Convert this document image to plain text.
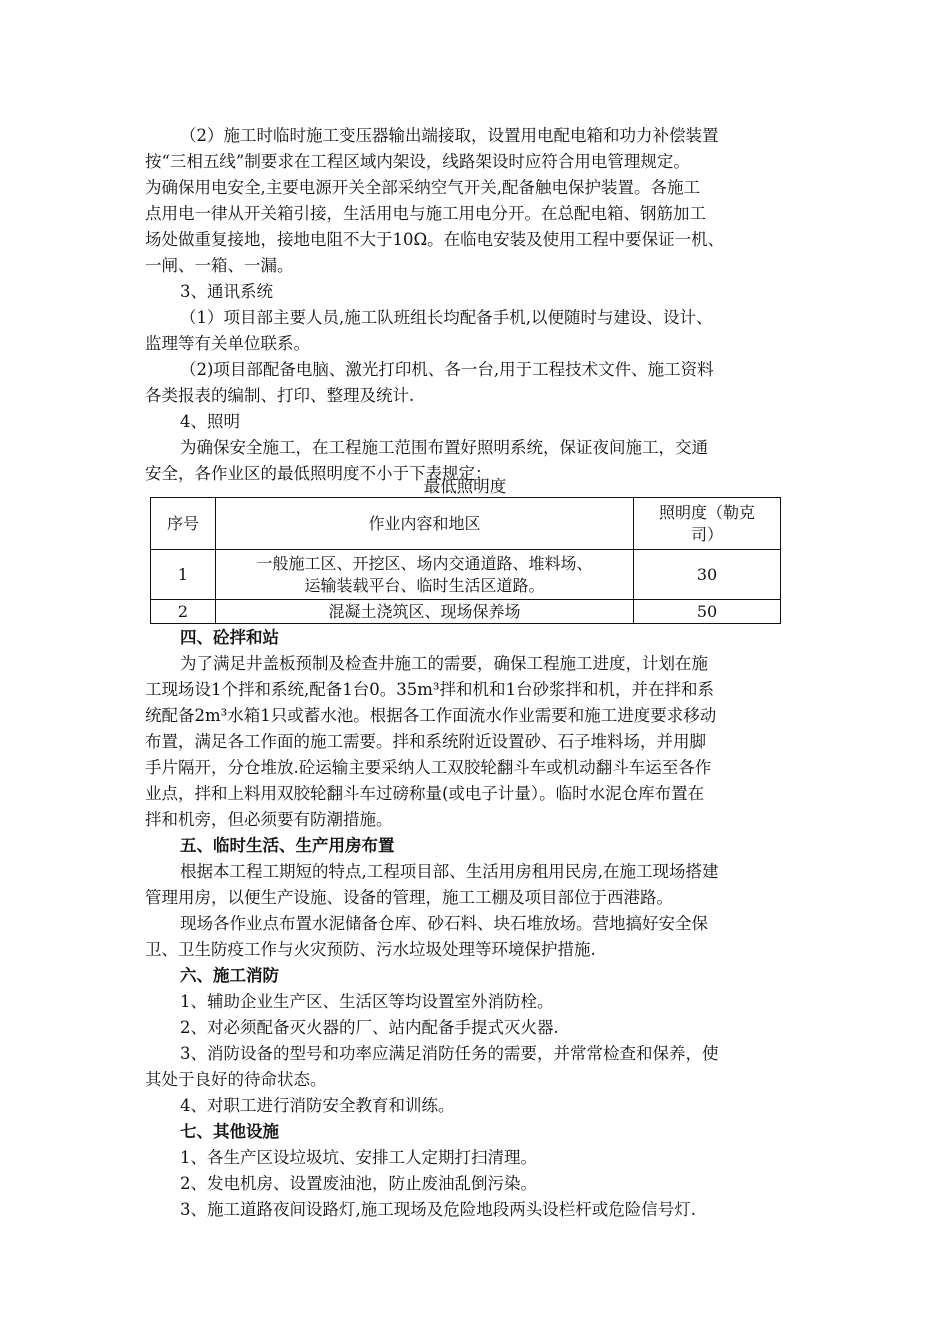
（2）施工时临时施工变压器输出端接取，设置用电配电箱和功力补偿装置
按“三相五线”制要求在工程区域内架设，线路架设时应符合用电管理规定。
为确保用电安全,主要电源开关全部采纳空气开关,配备触电保护装置。各施工
点用电一律从开关箱引接，生活用电与施工用电分开。在总配电箱、钢筋加工
场处做重复接地，接地电阻不大于10Ω。在临电安装及使用工程中要保证一机、
一闸、一箱、一漏。
3、通讯系统
（1）项目部主要人员,施工队班组长均配备手机,以便随时与建设、设计、
监理等有关单位联系。
（2)项目部配备电脑、激光打印机、各一台,用于工程技术文件、施工资料
各类报表的编制、打印、整理及统计.
4、照明
为确保安全施工，在工程施工范围布置好照明系统，保证夜间施工，交通
安全，各作业区的最低照明度不小于下表规定：
最低照明度
序号	作业内容和地区	照明度（勒克
司）

1	一般施工区、开挖区、场内交通道路、堆料场、
运输装载平台、临时生活区道路。	30
2	混凝土浇筑区、现场保养场	50
四、砼拌和站
为了满足井盖板预制及检查井施工的需要，确保工程施工进度，计划在施
工现场设1个拌和系统,配备1台0。35m³拌和机和1台砂浆拌和机，并在拌和系
统配备2m³水箱1只或蓄水池。根据各工作面流水作业需要和施工进度要求移动
布置，满足各工作面的施工需要。拌和系统附近设置砂、石子堆料场，并用脚
手片隔开，分仓堆放.砼运输主要采纳人工双胶轮翻斗车或机动翻斗车运至各作
业点，拌和上料用双胶轮翻斗车过磅称量(或电子计量）。临时水泥仓库布置在
拌和机旁，但必须要有防潮措施。
五、临时生活、生产用房布置
根据本工程工期短的特点,工程项目部、生活用房租用民房,在施工现场搭建
管理用房，以便生产设施、设备的管理，施工工棚及项目部位于西港路。
现场各作业点布置水泥储备仓库、砂石料、块石堆放场。营地搞好安全保
卫、卫生防疫工作与火灾预防、污水垃圾处理等环境保护措施.
六、施工消防
1、辅助企业生产区、生活区等均设置室外消防栓。
2、对必须配备灭火器的厂、站内配备手提式灭火器.
3、消防设备的型号和功率应满足消防任务的需要，并常常检查和保养，使
其处于良好的待命状态。
4、对职工进行消防安全教育和训练。
七、其他设施
1、各生产区设垃圾坑、安排工人定期打扫清理。
2、发电机房、设置废油池，防止废油乱倒污染。
3、施工道路夜间设路灯,施工现场及危险地段两头设栏杆或危险信号灯.
